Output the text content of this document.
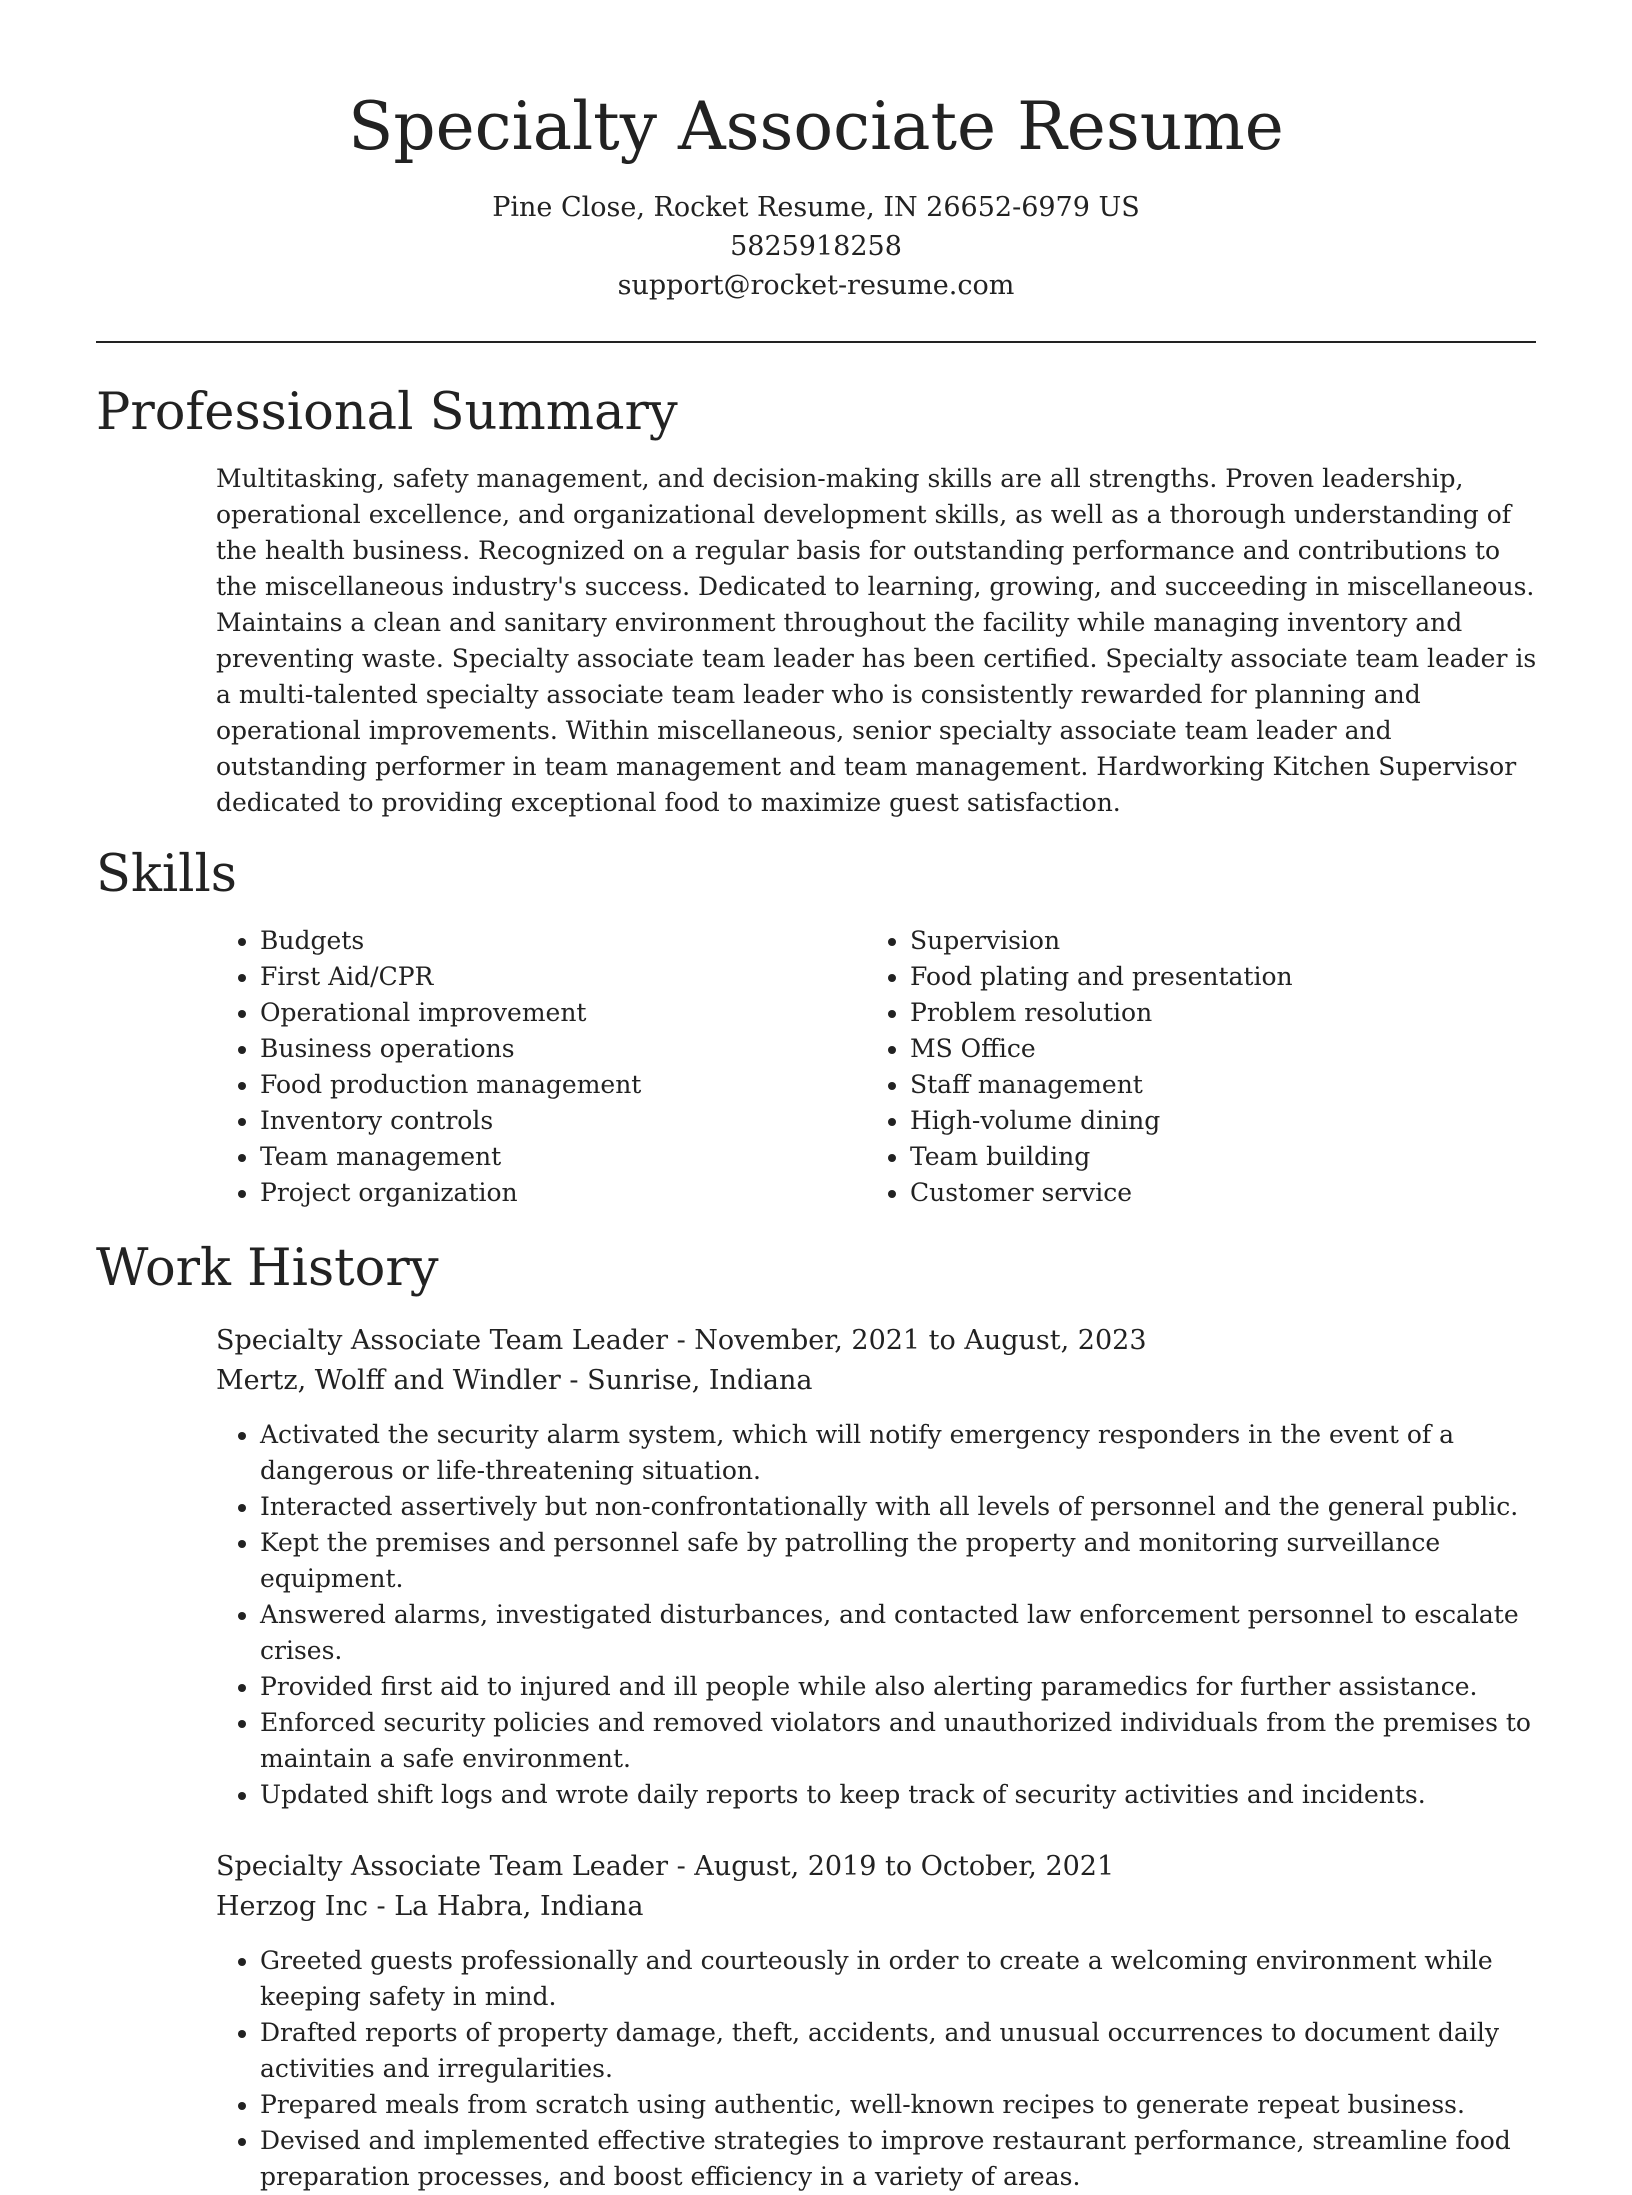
Specialty Associate Resume
Pine Close, Rocket Resume, IN 26652-6979 US
5825918258
support@rocket-resume.com
Professional Summary

Multitasking, safety management, and decision-making skills are all strengths. Proven leadership, operational excellence, and organizational development skills, as well as a thorough understanding of the health business. Recognized on a regular basis for outstanding performance and contributions to the miscellaneous industry's success. Dedicated to learning, growing, and succeeding in miscellaneous. Maintains a clean and sanitary environment throughout the facility while managing inventory and preventing waste. Specialty associate team leader has been certified. Specialty associate team leader is a multi-talented specialty associate team leader who is consistently rewarded for planning and operational improvements. Within miscellaneous, senior specialty associate team leader and outstanding performer in team management and team management. Hardworking Kitchen Supervisor dedicated to providing exceptional food to maximize guest satisfaction.

Skills
• Budgets
• First Aid/CPR
• Operational improvement
• Business operations
• Food production management
• Inventory controls
• Team management
• Project organization
• Supervision
• Food plating and presentation
• Problem resolution
• MS Office
• Staff management
• High-volume dining
• Team building
• Customer service
Work History
Specialty Associate Team Leader - November, 2021 to August, 2023
Mertz, Wolff and Windler - Sunrise, Indiana
• Activated the security alarm system, which will notify emergency responders in the event of a dangerous or life-threatening situation.
• Interacted assertively but non-confrontationally with all levels of personnel and the general public.
• Kept the premises and personnel safe by patrolling the property and monitoring surveillance equipment.
• Answered alarms, investigated disturbances, and contacted law enforcement personnel to escalate crises.
• Provided first aid to injured and ill people while also alerting paramedics for further assistance.
• Enforced security policies and removed violators and unauthorized individuals from the premises to maintain a safe environment.
• Updated shift logs and wrote daily reports to keep track of security activities and incidents.
Specialty Associate Team Leader - August, 2019 to October, 2021
Herzog Inc - La Habra, Indiana
• Greeted guests professionally and courteously in order to create a welcoming environment while keeping safety in mind.
• Drafted reports of property damage, theft, accidents, and unusual occurrences to document daily activities and irregularities.
• Prepared meals from scratch using authentic, well-known recipes to generate repeat business.
• Devised and implemented effective strategies to improve restaurant performance, streamline food preparation processes, and boost efficiency in a variety of areas.
